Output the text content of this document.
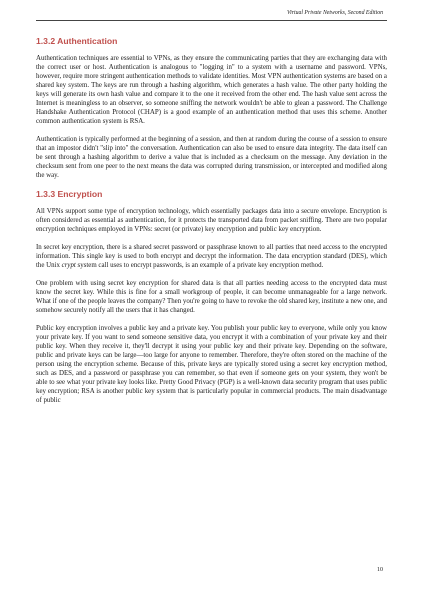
Virtual Private Networks, Second Edition
1.3.2 Authentication

Authentication techniques are essential to VPNs, as they ensure the communicating parties that they are exchanging data with the correct user or host. Authentication is analogous to "logging in" to a system with a username and password. VPNs, however, require more stringent authentication methods to validate identities. Most VPN authentication systems are based on a shared key system. The keys are run through a hashing algorithm, which generates a hash value. The other party holding the keys will generate its own hash value and compare it to the one it received from the other end. The hash value sent across the Internet is meaningless to an observer, so someone sniffing the network wouldn't be able to glean a password. The Challenge Handshake Authentication Protocol (CHAP) is a good example of an authentication method that uses this scheme. Another common authentication system is RSA.

Authentication is typically performed at the beginning of a session, and then at random during the course of a session to ensure that an impostor didn't "slip into" the conversation. Authentication can also be used to ensure data integrity. The data itself can be sent through a hashing algorithm to derive a value that is included as a checksum on the message. Any deviation in the checksum sent from one peer to the next means the data was corrupted during transmission, or intercepted and modified along the way.

1.3.3 Encryption

All VPNs support some type of encryption technology, which essentially packages data into a secure envelope. Encryption is often considered as essential as authentication, for it protects the transported data from packet sniffing. There are two popular encryption techniques employed in VPNs: secret (or private) key encryption and public key encryption.

In secret key encryption, there is a shared secret password or passphrase known to all parties that need access to the encrypted information. This single key is used to both encrypt and decrypt the information. The data encryption standard (DES), which the Unix crypt system call uses to encrypt passwords, is an example of a private key encryption method.

One problem with using secret key encryption for shared data is that all parties needing access to the encrypted data must know the secret key. While this is fine for a small workgroup of people, it can become unmanageable for a large network. What if one of the people leaves the company? Then you're going to have to revoke the old shared key, institute a new one, and somehow securely notify all the users that it has changed.

Public key encryption involves a public key and a private key. You publish your public key to everyone, while only you know your private key. If you want to send someone sensitive data, you encrypt it with a combination of your private key and their public key. When they receive it, they'll decrypt it using your public key and their private key. Depending on the software, public and private keys can be large—too large for anyone to remember. Therefore, they're often stored on the machine of the person using the encryption scheme. Because of this, private keys are typically stored using a secret key encryption method, such as DES, and a password or passphrase you can remember, so that even if someone gets on your system, they won't be able to see what your private key looks like. Pretty Good Privacy (PGP) is a well-known data security program that uses public key encryption; RSA is another public key system that is particularly popular in commercial products. The main disadvantage of public

10
